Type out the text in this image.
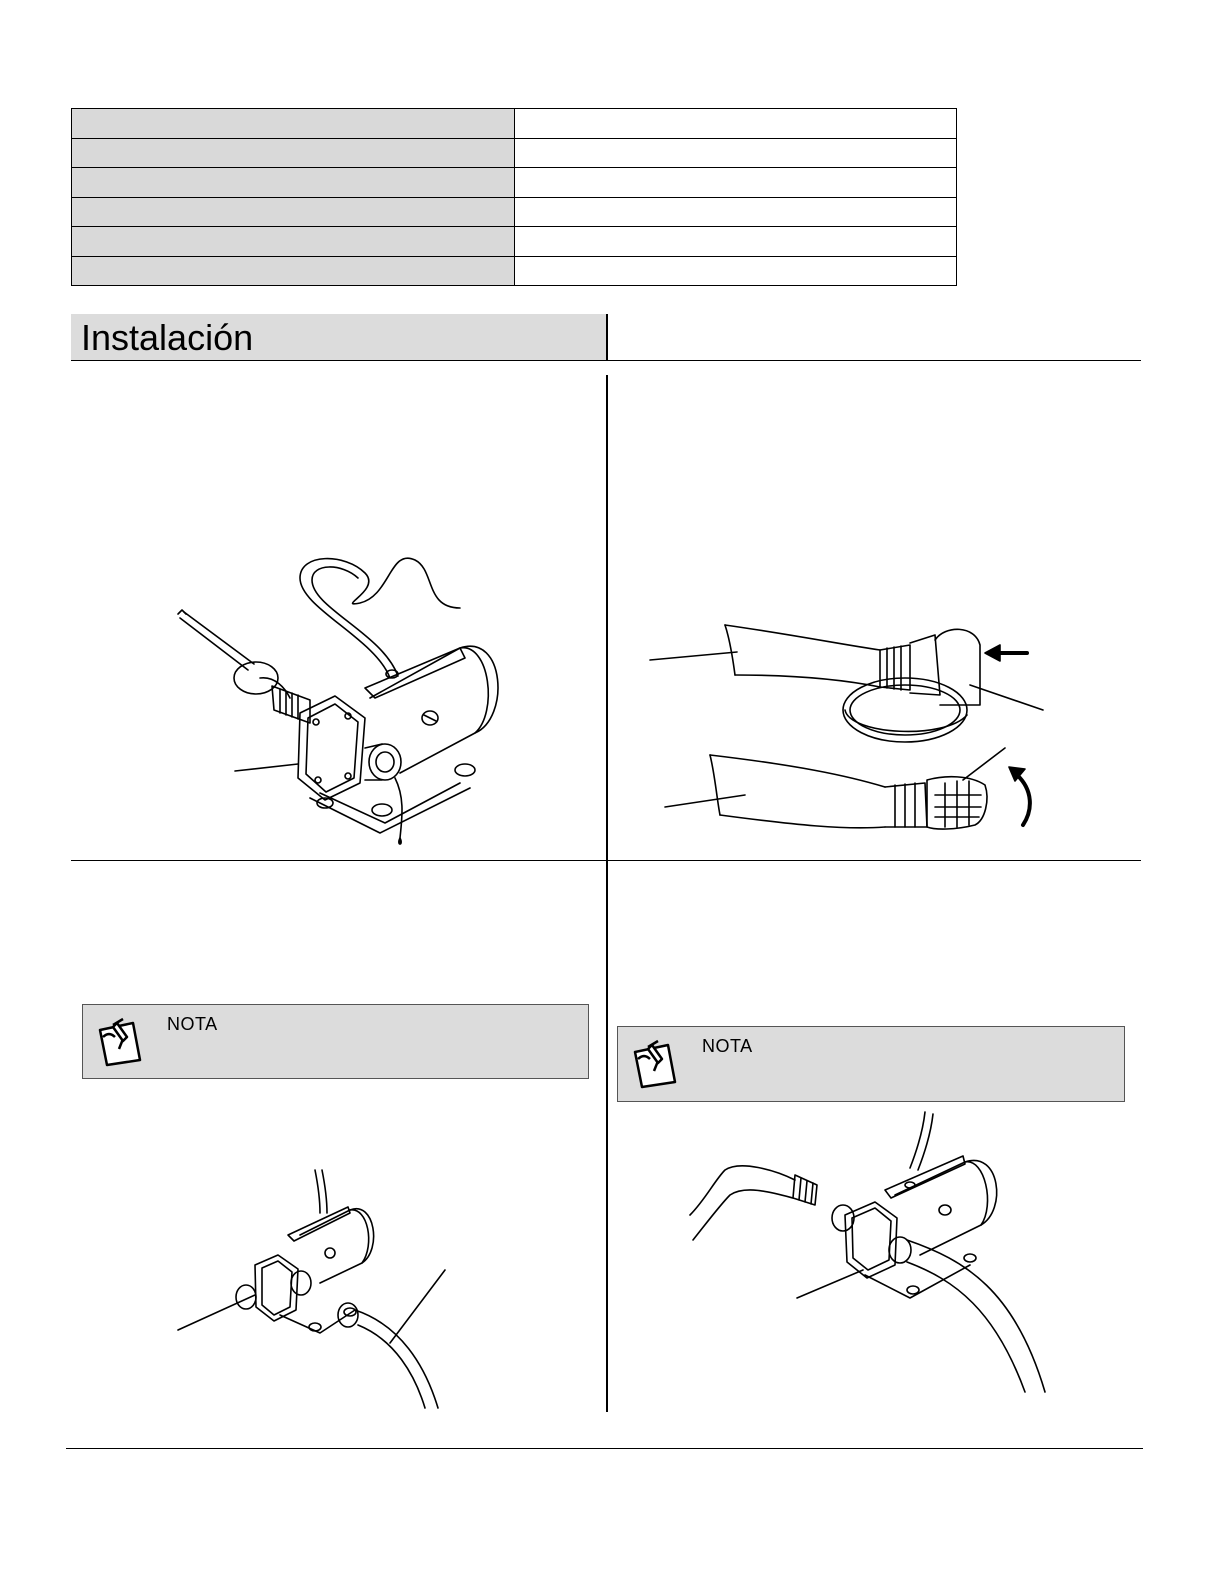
Instalación
NOTA
NOTA
